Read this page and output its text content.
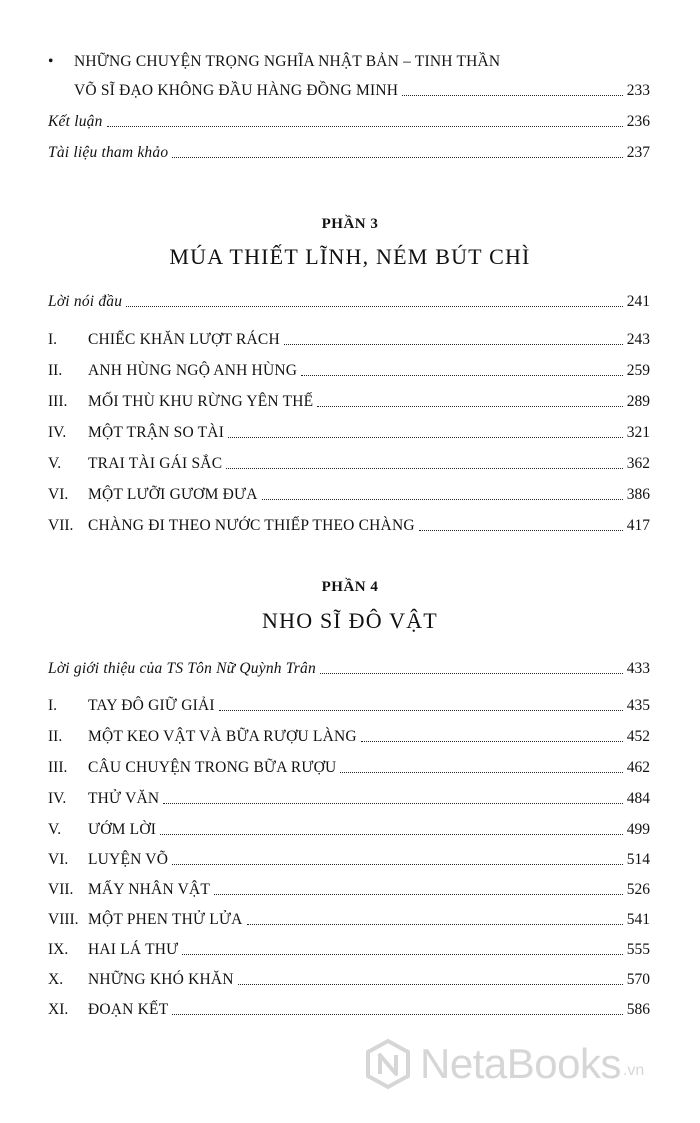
• NHỮNG CHUYỆN TRỌNG NGHĨA NHẬT BẢN – TINH THẦN
VÕ SĨ ĐẠO KHÔNG ĐẦU HÀNG ĐỒNG MINH	233
Kết luận	236
Tài liệu tham khảo	237
PHẦN 3
MÚA THIẾT LĨNH, NÉM BÚT CHÌ
Lời nói đầu	241
I.	CHIẾC KHĂN LƯỢT RÁCH	243
II.	ANH HÙNG NGỘ ANH HÙNG	259
III.	MỐI THÙ KHU RỪNG YÊN THẾ	289
IV.	MỘT TRẬN SO TÀI	321
V.	TRAI TÀI GÁI SẮC	362
VI.	MỘT LƯỠI GƯƠM ĐƯA	386
VII. CHÀNG ĐI THEO NƯỚC THIẾP THEO CHÀNG	417
PHẦN 4
NHO SĨ ĐÔ VẬT
Lời giới thiệu của TS Tôn Nữ Quỳnh Trân	433
I.	TAY ĐÔ GIỮ GIẢI	435
II.	MỘT KEO VẬT VÀ BỮA RƯỢU LÀNG	452
III.	CÂU CHUYỆN TRONG BỮA RƯỢU	462
IV.	THỬ VĂN	484
V.	ƯỚM LỜI	499
VI.	LUYỆN VÕ	514
VII. MẤY NHÂN VẬT	526
VIII. MỘT PHEN THỬ LỬA	541
IX.	HAI LÁ THƯ	555
X.	NHỮNG KHÓ KHĂN	570
XI.	ĐOẠN KẾT	586
NetaBooks .vn
